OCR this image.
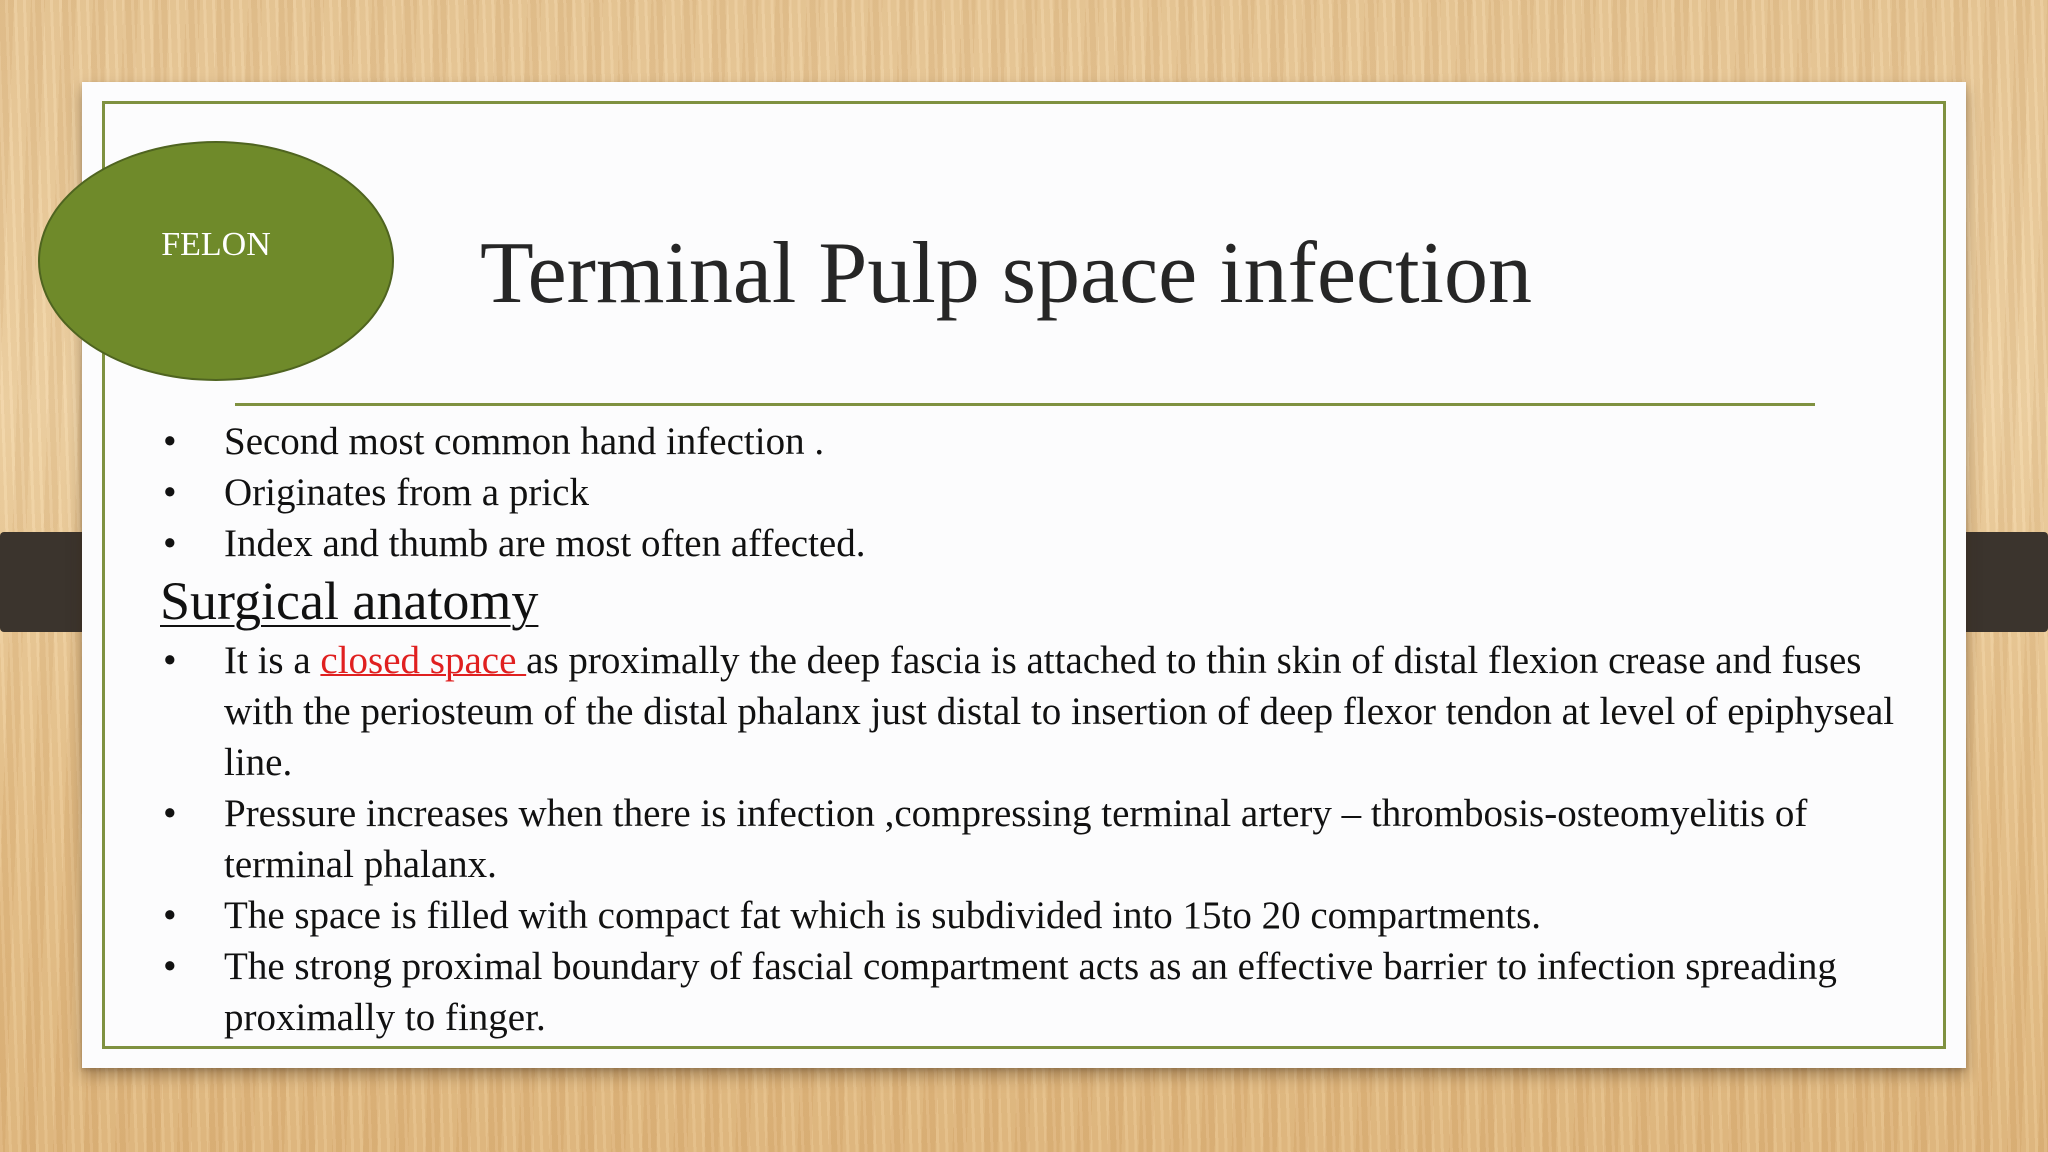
FELON Terminal Pulp space infection
• Second most common hand infection .
• Originates from a prick
• Index and thumb are most often affected.
Surgical anatomy
• It is a closed space as proximally the deep fascia is attached to thin skin of distal flexion crease and fuses with the periosteum of the distal phalanx just distal to insertion of deep flexor tendon at level of epiphyseal line.
• Pressure increases when there is infection ,compressing terminal artery – thrombosis-osteomyelitis of terminal phalanx.
• The space is filled with compact fat which is subdivided into 15to 20 compartments.
• The strong proximal boundary of fascial compartment acts as an effective barrier to infection spreading proximally to finger.
